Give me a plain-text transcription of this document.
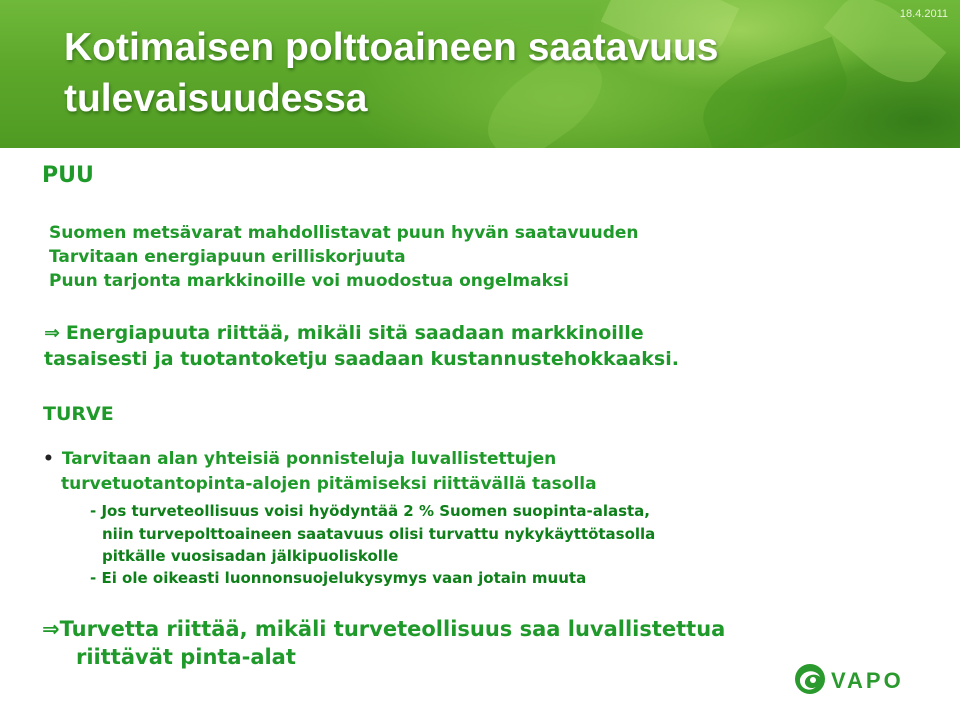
Kotimaisen polttoaineen saatavuus
tulevaisuudessa
18.4.2011
PUU
Suomen metsävarat mahdollistavat puun hyvän saatavuuden
Tarvitaan energiapuun erilliskorjuuta
Puun tarjonta markkinoille voi muodostua ongelmaksi
⇒ Energiapuuta riittää, mikäli sitä saadaan markkinoille
tasaisesti ja tuotantoketju saadaan kustannustehokkaaksi.
TURVE
• Tarvitaan alan yhteisiä ponnisteluja luvallistettujen
turvetuotantopinta-alojen pitämiseksi riittävällä tasolla
- Jos turveteollisuus voisi hyödyntää 2 % Suomen suopinta-alasta,
niin turvepolttoaineen saatavuus olisi turvattu nykykäyttötasolla
pitkälle vuosisadan jälkipuoliskolle
- Ei ole oikeasti luonnonsuojelukysymys vaan jotain muuta
⇒Turvetta riittää, mikäli turveteollisuus saa luvallistettua
riittävät pinta-alat
VAPO
